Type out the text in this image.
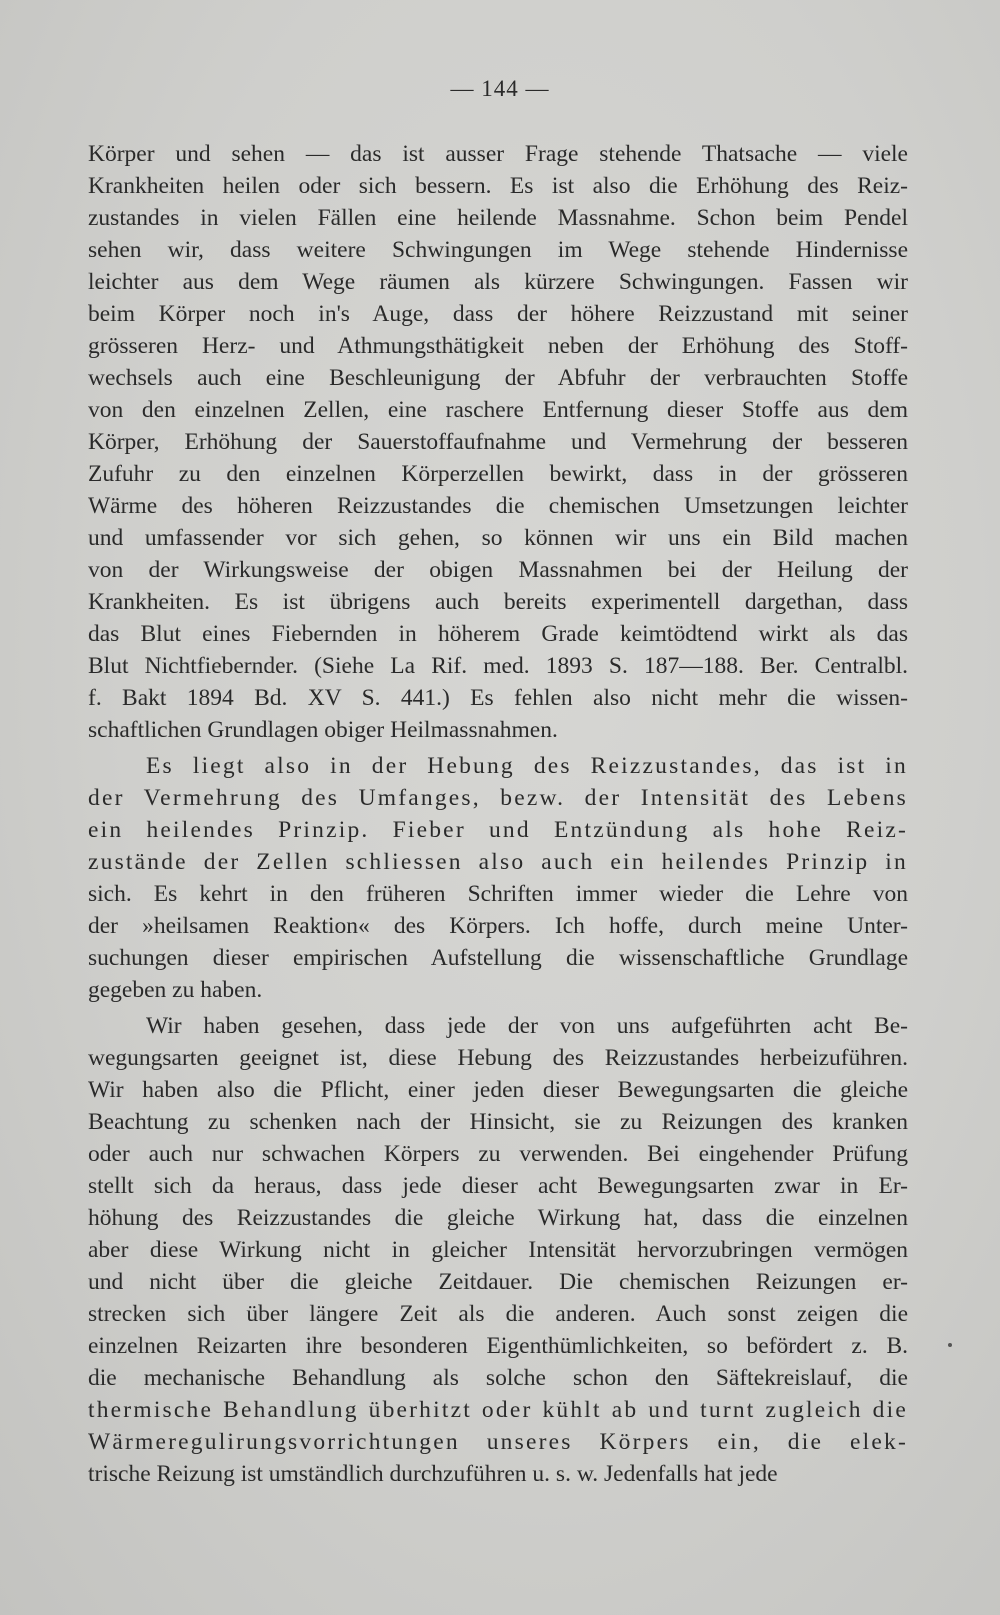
— 144 —
Körper und sehen — das ist ausser Frage stehende Thatsache — viele
Krankheiten heilen oder sich bessern. Es ist also die Erhöhung des Reiz-
zustandes in vielen Fällen eine heilende Massnahme. Schon beim Pendel
sehen wir, dass weitere Schwingungen im Wege stehende Hindernisse
leichter aus dem Wege räumen als kürzere Schwingungen. Fassen wir
beim Körper noch in's Auge, dass der höhere Reizzustand mit seiner
grösseren Herz- und Athmungsthätigkeit neben der Erhöhung des Stoff-
wechsels auch eine Beschleunigung der Abfuhr der verbrauchten Stoffe
von den einzelnen Zellen, eine raschere Entfernung dieser Stoffe aus dem
Körper, Erhöhung der Sauerstoffaufnahme und Vermehrung der besseren
Zufuhr zu den einzelnen Körperzellen bewirkt, dass in der grösseren
Wärme des höheren Reizzustandes die chemischen Umsetzungen leichter
und umfassender vor sich gehen, so können wir uns ein Bild machen
von der Wirkungsweise der obigen Massnahmen bei der Heilung der
Krankheiten. Es ist übrigens auch bereits experimentell dargethan, dass
das Blut eines Fiebernden in höherem Grade keimtödtend wirkt als das
Blut Nichtfiebernder. (Siehe La Rif. med. 1893 S. 187—188. Ber. Centralbl.
f. Bakt 1894 Bd. XV S. 441.) Es fehlen also nicht mehr die wissen-
schaftlichen Grundlagen obiger Heilmassnahmen.
Es liegt also in der Hebung des Reizzustandes, das ist in
der Vermehrung des Umfanges, bezw. der Intensität des Lebens
ein heilendes Prinzip. Fieber und Entzündung als hohe Reiz-
zustände der Zellen schliessen also auch ein heilendes Prinzip in
sich. Es kehrt in den früheren Schriften immer wieder die Lehre von
der »heilsamen Reaktion« des Körpers. Ich hoffe, durch meine Unter-
suchungen dieser empirischen Aufstellung die wissenschaftliche Grundlage
gegeben zu haben.
Wir haben gesehen, dass jede der von uns aufgeführten acht Be-
wegungsarten geeignet ist, diese Hebung des Reizzustandes herbeizuführen.
Wir haben also die Pflicht, einer jeden dieser Bewegungsarten die gleiche
Beachtung zu schenken nach der Hinsicht, sie zu Reizungen des kranken
oder auch nur schwachen Körpers zu verwenden. Bei eingehender Prüfung
stellt sich da heraus, dass jede dieser acht Bewegungsarten zwar in Er-
höhung des Reizzustandes die gleiche Wirkung hat, dass die einzelnen
aber diese Wirkung nicht in gleicher Intensität hervorzubringen vermögen
und nicht über die gleiche Zeitdauer. Die chemischen Reizungen er-
strecken sich über längere Zeit als die anderen. Auch sonst zeigen die
einzelnen Reizarten ihre besonderen Eigenthümlichkeiten, so befördert z. B.
die mechanische Behandlung als solche schon den Säftekreislauf, die
thermische Behandlung überhitzt oder kühlt ab und turnt zugleich die
Wärmeregulirungsvorrichtungen unseres Körpers ein, die elek-
trische Reizung ist umständlich durchzuführen u. s. w. Jedenfalls hat jede
